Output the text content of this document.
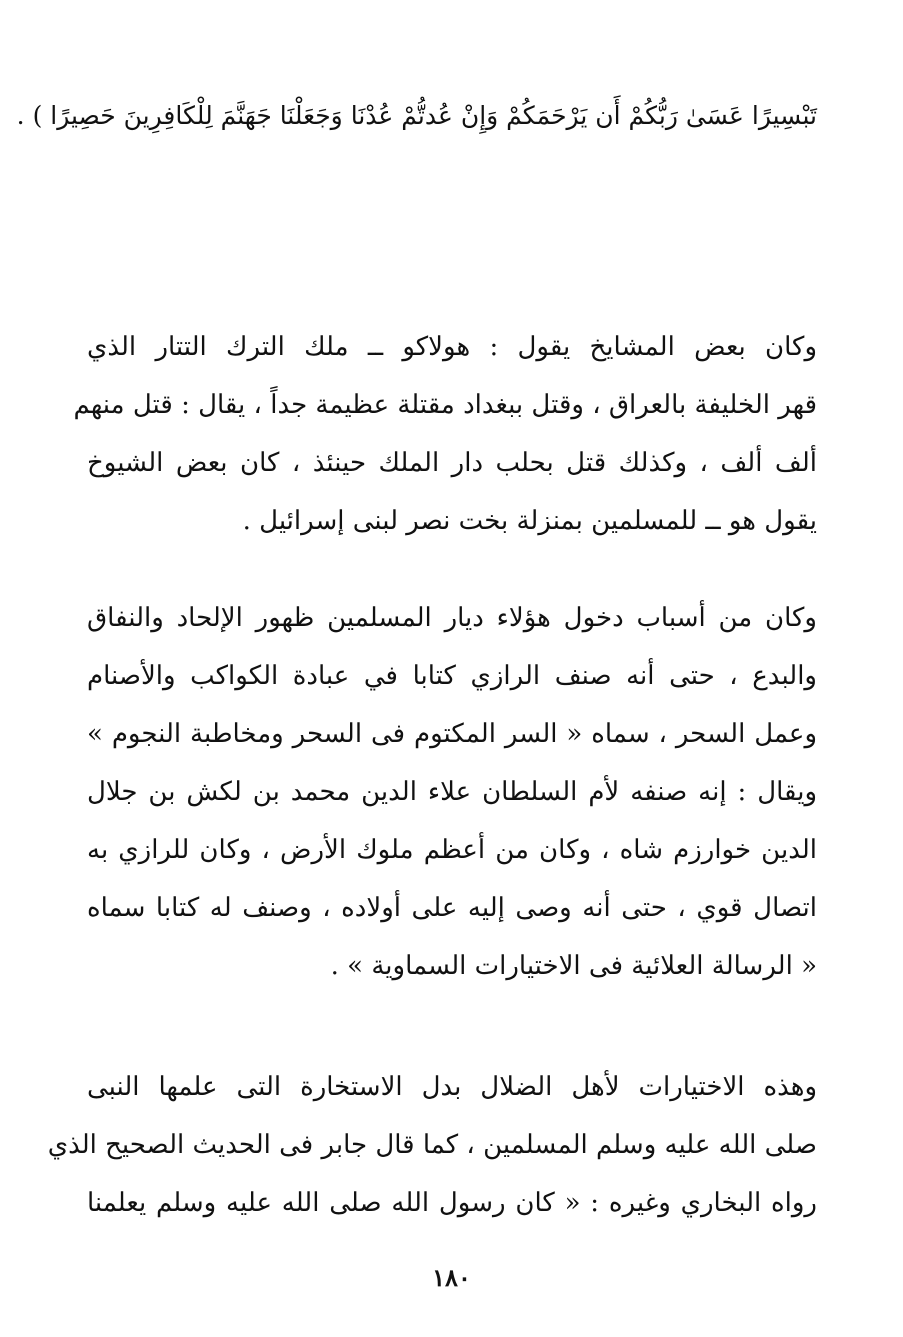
تَبْسِيرًا عَسَىٰ رَبُّكُمْ أَن يَرْحَمَكُمْ وَإِنْ عُدتُّمْ عُدْنَا وَجَعَلْنَا جَهَنَّمَ لِلْكَافِرِينَ حَصِيرًا ) .
وكان بعض المشايخ يقول : هولاكو ــ ملك الترك التتار الذي
قهر الخليفة بالعراق ، وقتل ببغداد مقتلة عظيمة جداً ، يقال : قتل منهم
ألف ألف ، وكذلك قتل بحلب دار الملك حينئذ ، كان بعض الشيوخ
يقول هو ــ للمسلمين بمنزلة بخت نصر لبنى إسرائيل .
وكان من أسباب دخول هؤلاء ديار المسلمين ظهور الإلحاد والنفاق
والبدع ، حتى أنه صنف الرازي كتابا في عبادة الكواكب والأصنام
وعمل السحر ، سماه « السر المكتوم فى السحر ومخاطبة النجوم »
ويقال : إنه صنفه لأم السلطان علاء الدين محمد بن لكش بن جلال
الدين خوارزم شاه ، وكان من أعظم ملوك الأرض ، وكان للرازي به
اتصال قوي ، حتى أنه وصى إليه على أولاده ، وصنف له كتابا سماه
« الرسالة العلائية فى الاختيارات السماوية » .
وهذه الاختيارات لأهل الضلال بدل الاستخارة التى علمها النبى
صلى الله عليه وسلم المسلمين ، كما قال جابر فى الحديث الصحيح الذي
رواه البخاري وغيره : « كان رسول الله صلى الله عليه وسلم يعلمنا
١٨٠
